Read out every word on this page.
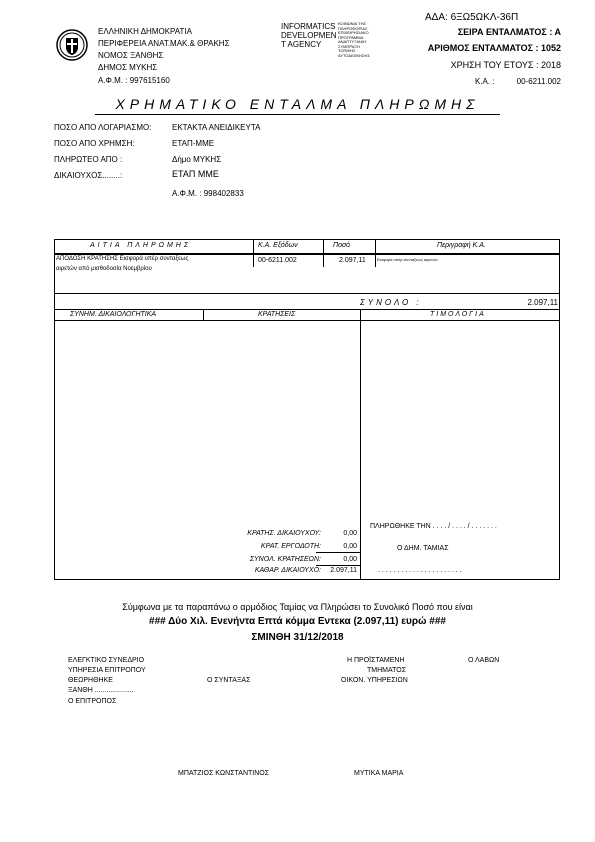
ΕΛΛΗΝΙΚΗ ΔΗΜΟΚΡΑΤΙΑ
ΠΕΡΙΦΕΡΕΙΑ ΑΝΑΤ.ΜΑΚ.& ΘΡΑΚΗΣ
ΝΟΜΟΣ ΞΑΝΘΗΣ
ΔΗΜΟΣ ΜΥΚΗΣ
Α.Φ.Μ. : 997615160
INFORMATICS
DEVELOPMEN
T AGENCY
ΚΟΙΝΩΝΙΑ ΤΗΣ ΠΛΗΡΟΦΟΡΙΑΣ ΕΠΙΧΕΙΡΗΣΙΑΚΟ ΠΡΟΓΡΑΜΜΑ ΑΝΑΠΤΥΞΙΑΚΗ ΣΥΜΠΡΑΞΗ ΤΟΠΙΚΗΣ ΑΥΤΟΔΙΟΙΚΗΣΗΣ
ΑΔΑ: 6ΞΩ5ΩΚΛ-36Π
ΣΕΙΡΑ ΕΝΤΑΛΜΑΤΟΣ : Α
ΑΡΙΘΜΟΣ ΕΝΤΑΛΜΑΤΟΣ : 1052
ΧΡΗΣΗ ΤΟΥ ΕΤΟΥΣ : 2018
Κ.Α. :	00-6211.002
ΧΡΗΜΑΤΙΚΟ ΕΝΤΑΛΜΑ ΠΛΗΡΩΜΗΣ
ΠΟΣΟ ΑΠΟ ΛΟΓΑΡΙΑΣΜΟ:	ΕΚΤΑΚΤΑ ΑΝΕΙΔΙΚΕΥΤΑ
ΠΟΣΟ ΑΠΟ ΧΡΗΜΣΗ:	ΕΤΑΠ-ΜΜΕ
ΠΛΗΡΩΤΕΟ ΑΠΟ :	Δήμο ΜΥΚΗΣ
ΔΙΚΑΙΟΥΧΟΣ........:	ΕΤΑΠ ΜΜΕ
Α.Φ.Μ. : 998402833
ΑΙΤΙΑ ΠΛΗΡΩΜΗΣ	Κ.Α. Εξόδων	Ποσό	Περιγραφή Κ.Α.
ΑΠΟΔΟΣΗ ΚΡΑΤΗΣΗΣ Εισφορά υπέρ συνταξεως
αιρετών από μισθοδοσία Νοεμβρίου
00-6211.002	2.097,11	Εισφορά υπέρ συνταξεως αιρετών
ΣΥΝΟΛΟ :	2.097,11
ΣΥΝΗΜ. ΔΙΚΑΙΟΛΟΓΗΤΙΚΑ	ΚΡΑΤΗΣΕΙΣ	ΤΙΜΟΛΟΓΙΑ
ΚΡΑΤΗΣ. ΔΙΚΑΙΟΥΧΟΥ:	0,00
ΚΡΑΤ. ΕΡΓΟΔΟΤΗ:	0,00
ΣΥΝΟΛ. ΚΡΑΤΗΣΕΩΝ:	0,00
ΚΑΘΑΡ. ΔΙΚΑΙΟΥΧΟ: 2.097,11
ΠΛΗΡΩΘΗΚΕ ΤΗΝ . . . . / . . . . / . . . . . . .
Ο ΔΗΜ. ΤΑΜΙΑΣ
. . . . . . . . . . . . . . . . . . . . . .
Σύμφωνα με τα παραπάνω ο αρμόδιος Ταμίας να Πληρώσει το Συνολικό Ποσό που είναι
### Δύο Χιλ. Ενενήντα Επτά κόμμα Εντεκα (2.097,11) ευρώ ###
ΣΜΙΝΘΗ 31/12/2018
ΕΛΕΓΚΤΙΚΟ ΣΥΝΕΔΡΙΟ
ΥΠΗΡΕΣΙΑ ΕΠΙΤΡΟΠΟΥ
ΘΕΩΡΗΘΗΚΕ
ΞΑΝΘΗ ....................
Ο ΕΠΙΤΡΟΠΟΣ
Ο ΣΥΝΤΑΞΑΣ
Η ΠΡΟΪΣΤΑΜΕΝΗ
ΤΜΗΜΑΤΟΣ
ΟΙΚΟΝ. ΥΠΗΡΕΣΙΩΝ
Ο ΛΑΒΩΝ
ΜΠΑΤΖΙΟΣ ΚΩΝΣΤΑΝΤΙΝΟΣ	ΜΥΤΙΚΑ ΜΑΡΙΑ
